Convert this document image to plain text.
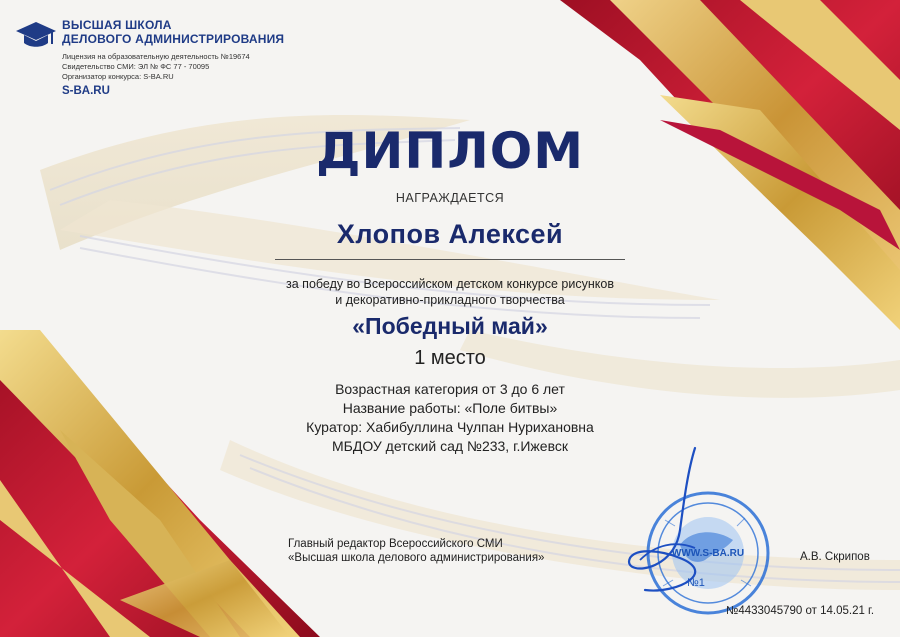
ВЫСШАЯ ШКОЛА
ДЕЛОВОГО АДМИНИСТРИРОВАНИЯ
Лицензия на образовательную деятельность №19674
Свидетельство СМИ: ЭЛ № ФС 77 - 70095
Организатор конкурса: S-BA.RU
S-BA.RU
ДИПЛОМ
НАГРАЖДАЕТСЯ
Хлопов Алексей
за победу во Всероссийском детском конкурсе рисунков
и декоративно-прикладного творчества
«Победный май»
1 место
Возрастная категория от 3 до 6 лет
Название работы: «Поле битвы»
Куратор: Хабибуллина Чулпан Нурихановна
МБДОУ детский сад №233, г.Ижевск
Главный редактор Всероссийского СМИ
«Высшая школа делового администрирования»	WWW.S-BA.RU
№1
А.В. Скрипов
№4433045790 от 14.05.21 г.
